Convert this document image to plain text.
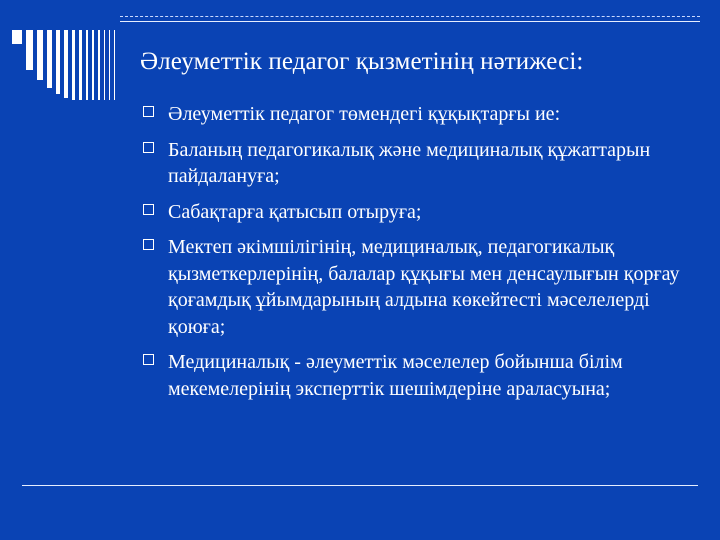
Әлеуметтік педагог қызметінің нәтижесі:
Әлеуметтік педагог төмендегі құқықтарғы ие:
Баланың педагогикалық және медициналық құжаттарын пайдалануға;
Сабақтарға қатысып отыруға;
Мектеп әкімшілігінің, медициналық, педагогикалық қызметкерлерінің, балалар құқығы мен денсаулығын қорғау қоғамдық ұйымдарының алдына көкейтесті мәселелерді қоюға;
Медициналық - әлеуметтік мәселелер бойынша білім мекемелерінің эксперттік шешімдеріне араласуына;
